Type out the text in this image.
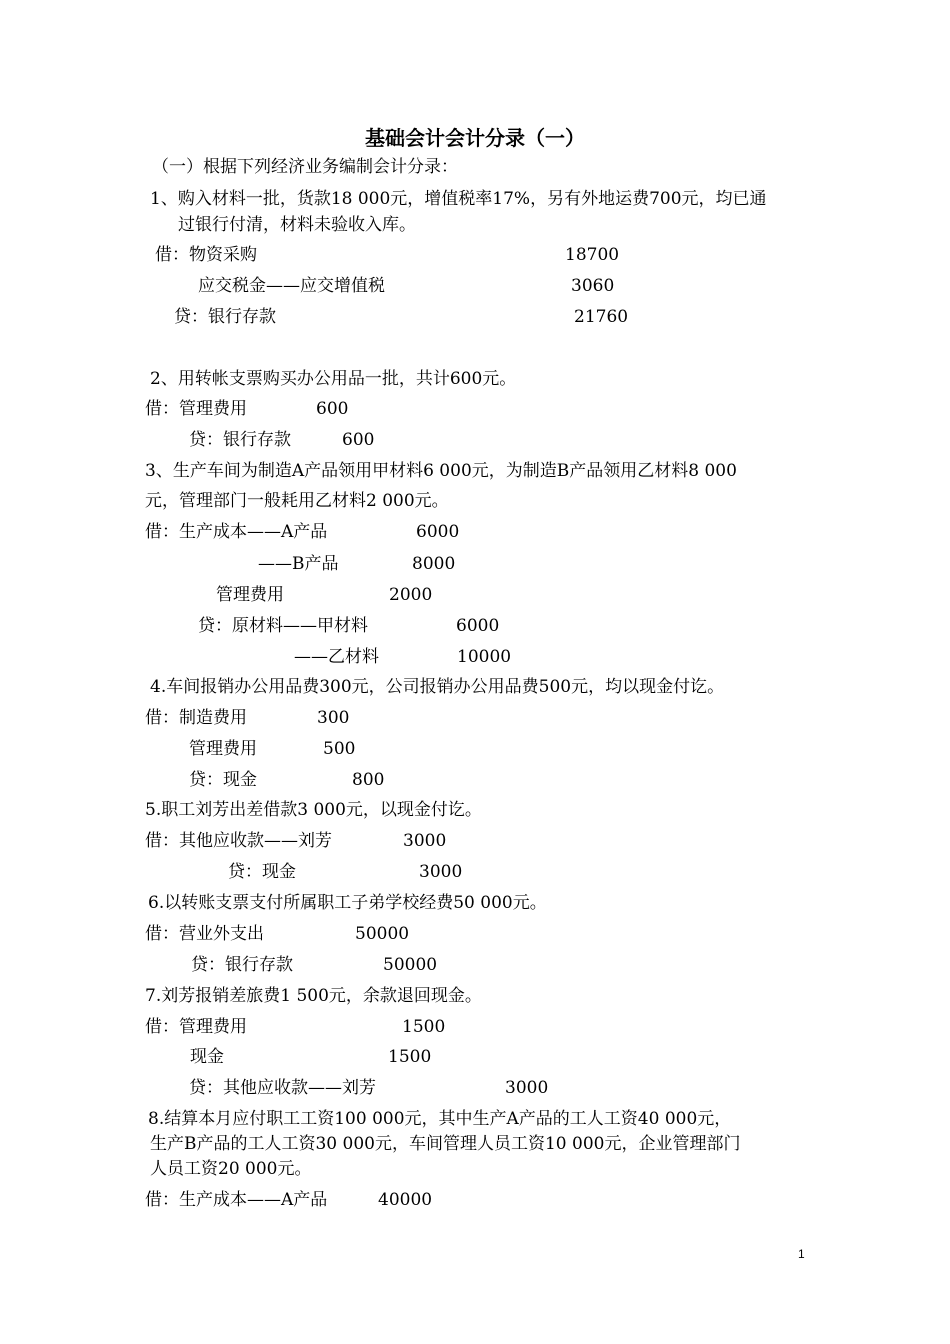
基础会计会计分录（一）
（一）根据下列经济业务编制会计分录：
1、购入材料一批，货款18 000元，增值税率17%，另有外地运费700元，均已通
过银行付清，材料未验收入库。
借：物资采购	18700
应交税金——应交增值税	3060
贷：银行存款	21760
2、用转帐支票购买办公用品一批，共计600元。
借：管理费用	600
贷：银行存款	600
3、生产车间为制造A产品领用甲材料6 000元，为制造B产品领用乙材料8 000
元，管理部门一般耗用乙材料2 000元。
借：生产成本——A产品	6000
——B产品	8000
管理费用	2000
贷：原材料——甲材料	6000
——乙材料	10000
4.车间报销办公用品费300元，公司报销办公用品费500元，均以现金付讫。
借：制造费用	300
管理费用	500
贷：现金	800
5.职工刘芳出差借款3 000元，以现金付讫。
借：其他应收款——刘芳	3000
贷：现金	3000
6.以转账支票支付所属职工子弟学校经费50 000元。
借：营业外支出	50000
贷：银行存款	50000
7.刘芳报销差旅费1 500元，余款退回现金。
借：管理费用	1500
现金	1500
贷：其他应收款——刘芳	3000
8.结算本月应付职工工资100 000元，其中生产A产品的工人工资40 000元，
生产B产品的工人工资30 000元，车间管理人员工资10 000元，企业管理部门
人员工资20 000元。
借：生产成本——A产品	40000
1
